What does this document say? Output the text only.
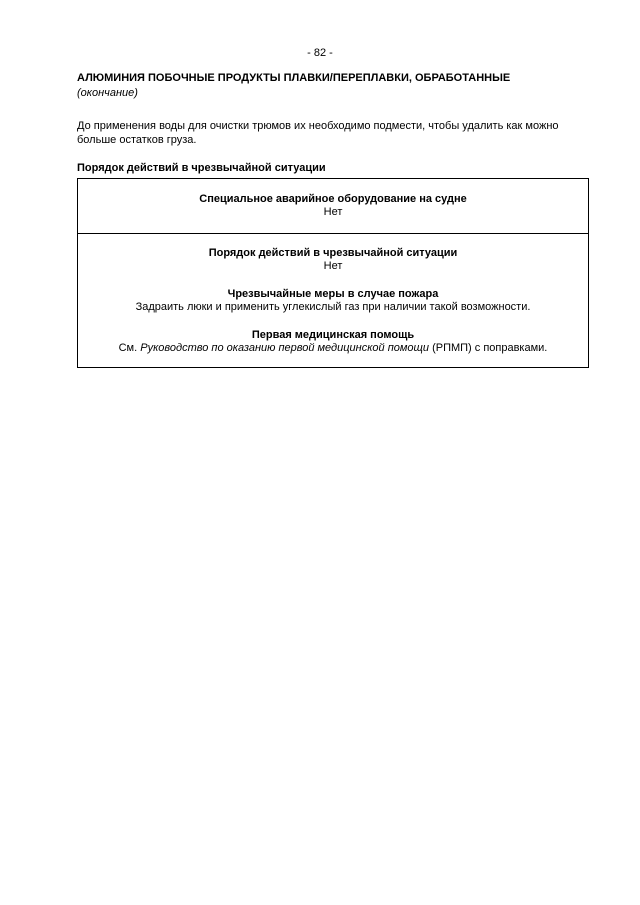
- 82 -

АЛЮМИНИЯ ПОБОЧНЫЕ ПРОДУКТЫ ПЛАВКИ/ПЕРЕПЛАВКИ, ОБРАБОТАННЫЕ

(окончание)

До применения воды для очистки трюмов их необходимо подмести, чтобы удалить как можно больше остатков груза.

Порядок действий в чрезвычайной ситуации

Специальное аварийное оборудование на судне
Нет
Порядок действий в чрезвычайной ситуации
Нет
Чрезвычайные меры в случае пожара
Задраить люки и применить углекислый газ при наличии такой возможности.
Первая медицинская помощь
См. Руководство по оказанию первой медицинской помощи (РПМП) с поправками.
